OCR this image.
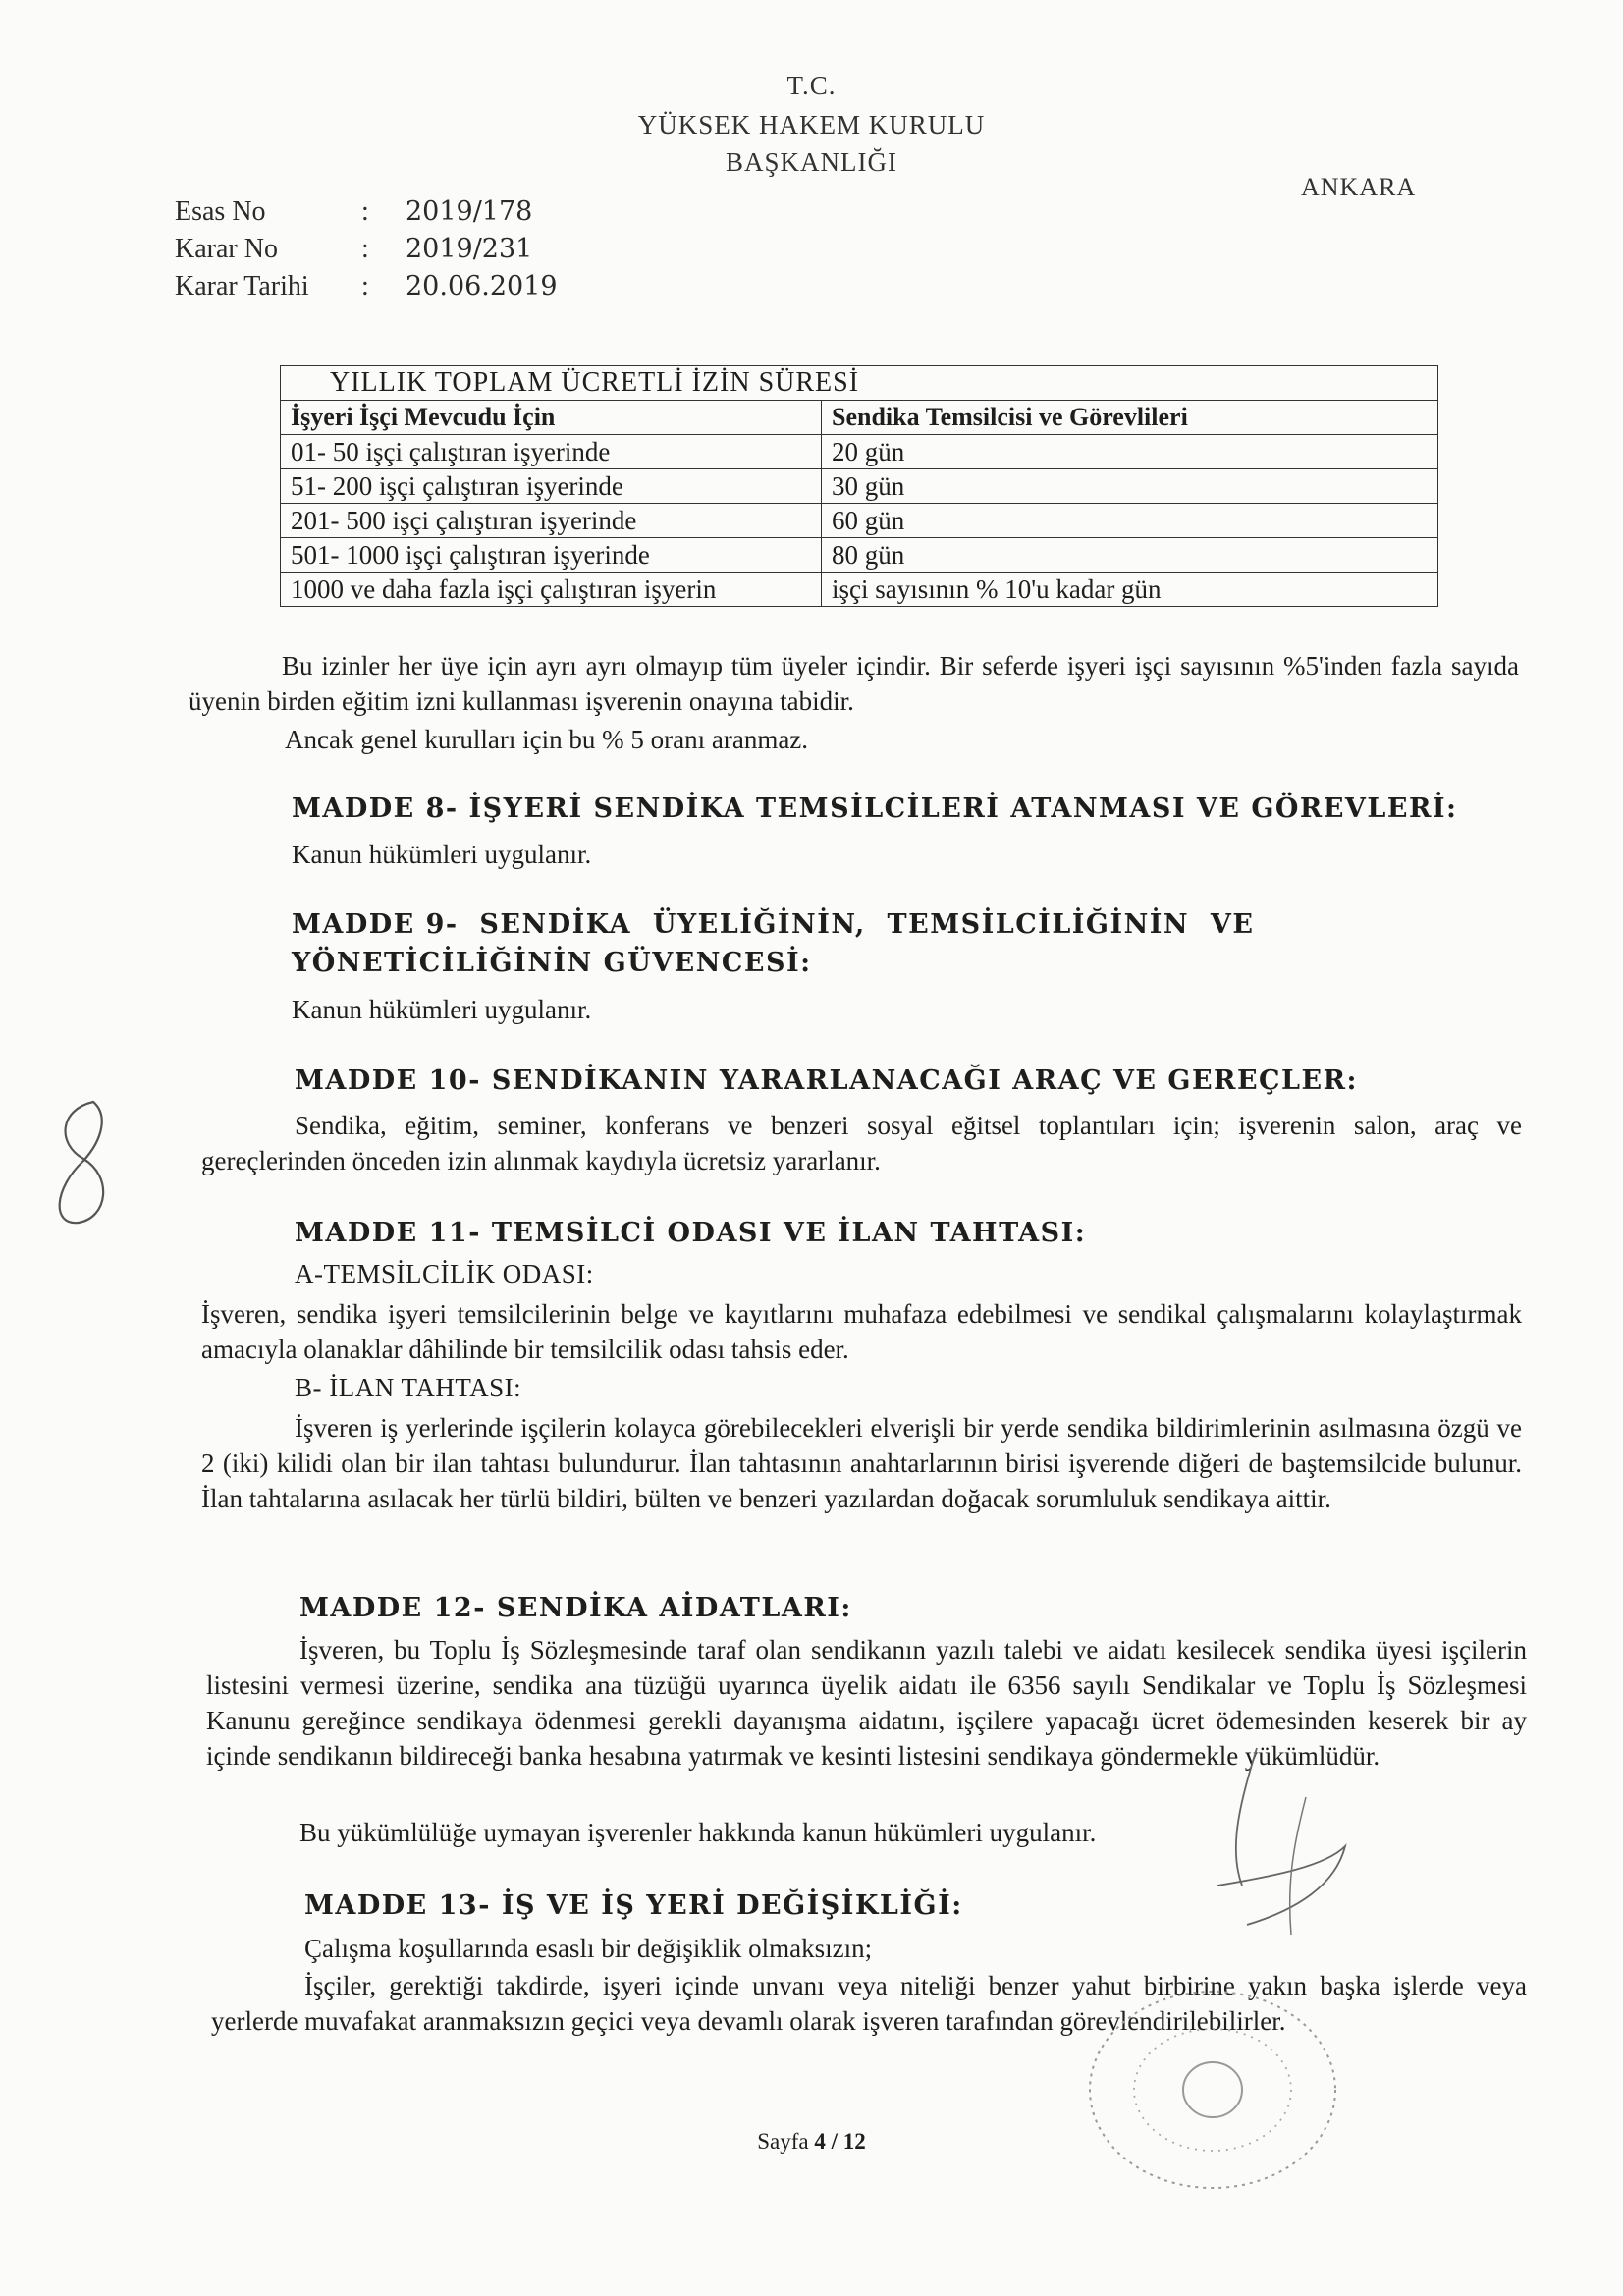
T.C.
YÜKSEK HAKEM KURULU
BAŞKANLIĞI
ANKARA
Esas No	: 2019/178
Karar No	: 2019/231
Karar Tarihi : 20.06.2019
YILLIK TOPLAM ÜCRETLİ İZİN SÜRESİ	
İşyeri İşçi Mevcudu İçin	Sendika Temsilcisi ve Görevlileri
01- 50 işçi çalıştıran işyerinde	20 gün
51- 200 işçi çalıştıran işyerinde	30 gün
201- 500 işçi çalıştıran işyerinde	60 gün
501- 1000 işçi çalıştıran işyerinde	80 gün
1000 ve daha fazla işçi çalıştıran işyerin	işçi sayısının % 10'u kadar gün
Bu izinler her üye için ayrı ayrı olmayıp tüm üyeler içindir. Bir seferde işyeri işçi sayısının %5'inden fazla sayıda üyenin birden eğitim izni kullanması işverenin onayına tabidir.
Ancak genel kurulları için bu % 5 oranı aranmaz.
MADDE 8- İŞYERİ SENDİKA TEMSİLCİLERİ ATANMASI VE GÖREVLERİ:
Kanun hükümleri uygulanır.
MADDE 9-  SENDİKA  ÜYELİĞİNİN,  TEMSİLCİLİĞİNİN  VE
YÖNETİCİLİĞİNİN GÜVENCESİ:
Kanun hükümleri uygulanır.
MADDE 10- SENDİKANIN YARARLANACAĞI ARAÇ VE GEREÇLER:
Sendika, eğitim, seminer, konferans ve benzeri sosyal eğitsel toplantıları için; işverenin salon, araç ve gereçlerinden önceden izin alınmak kaydıyla ücretsiz yararlanır.
MADDE 11- TEMSİLCİ ODASI VE İLAN TAHTASI:
A-TEMSİLCİLİK ODASI:
İşveren, sendika işyeri temsilcilerinin belge ve kayıtlarını muhafaza edebilmesi ve sendikal çalışmalarını kolaylaştırmak amacıyla olanaklar dâhilinde bir temsilcilik odası tahsis eder.
B- İLAN TAHTASI:
İşveren iş yerlerinde işçilerin kolayca görebilecekleri elverişli bir yerde sendika bildirimlerinin asılmasına özgü ve 2 (iki) kilidi olan bir ilan tahtası bulundurur. İlan tahtasının anahtarlarının birisi işverende diğeri de baştemsilcide bulunur. İlan tahtalarına asılacak her türlü bildiri, bülten ve benzeri yazılardan doğacak sorumluluk sendikaya aittir.
MADDE 12- SENDİKA AİDATLARI:
İşveren, bu Toplu İş Sözleşmesinde taraf olan sendikanın yazılı talebi ve aidatı kesilecek sendika üyesi işçilerin listesini vermesi üzerine, sendika ana tüzüğü uyarınca üyelik aidatı ile 6356 sayılı Sendikalar ve Toplu İş Sözleşmesi Kanunu gereğince sendikaya ödenmesi gerekli dayanışma aidatını, işçilere yapacağı ücret ödemesinden keserek bir ay içinde sendikanın bildireceği banka hesabına yatırmak ve kesinti listesini sendikaya göndermekle yükümlüdür.
Bu yükümlülüğe uymayan işverenler hakkında kanun hükümleri uygulanır.
MADDE 13- İŞ VE İŞ YERİ DEĞİŞİKLİĞİ:
Çalışma koşullarında esaslı bir değişiklik olmaksızın;
İşçiler, gerektiği takdirde, işyeri içinde unvanı veya niteliği benzer yahut birbirine yakın başka işlerde veya yerlerde muvafakat aranmaksızın geçici veya devamlı olarak işveren tarafından görevlendirilebilirler.
Sayfa 4 / 12
